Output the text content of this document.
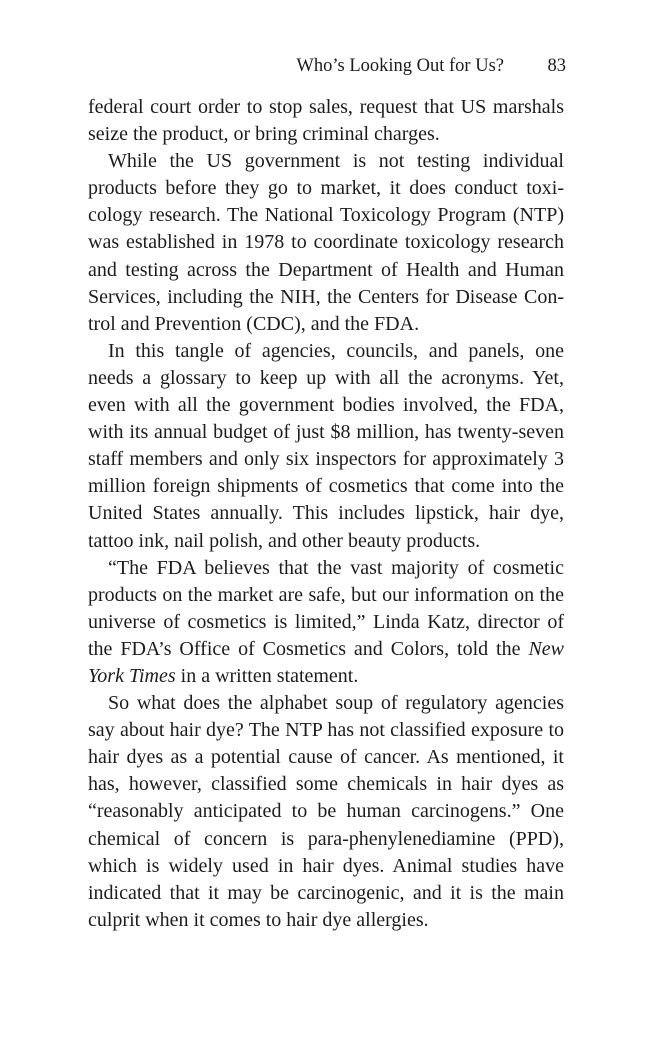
Who’s Looking Out for Us? 83

federal court order to stop sales, request that US marshals seize the product, or bring criminal charges.

While the US government is not testing individual products before they go to market, it does conduct toxicology research. The National Toxicology Program (NTP) was established in 1978 to coordinate toxicology research and testing across the Department of Health and Human Services, including the NIH, the Centers for Disease Control and Prevention (CDC), and the FDA.

In this tangle of agencies, councils, and panels, one needs a glossary to keep up with all the acronyms. Yet, even with all the government bodies involved, the FDA, with its annual budget of just $8 million, has twenty-seven staff members and only six inspectors for approximately 3 million foreign shipments of cosmetics that come into the United States annually. This includes lipstick, hair dye, tattoo ink, nail polish, and other beauty products.

“The FDA believes that the vast majority of cosmetic products on the market are safe, but our information on the universe of cosmetics is limited,” Linda Katz, director of the FDA’s Office of Cosmetics and Colors, told the New York Times in a written statement.

So what does the alphabet soup of regulatory agencies say about hair dye? The NTP has not classified exposure to hair dyes as a potential cause of cancer. As mentioned, it has, however, classified some chemicals in hair dyes as “reasonably anticipated to be human carcinogens.” One chemical of concern is para-phenylenediamine (PPD), which is widely used in hair dyes. Animal studies have indicated that it may be carcinogenic, and it is the main culprit when it comes to hair dye allergies.
